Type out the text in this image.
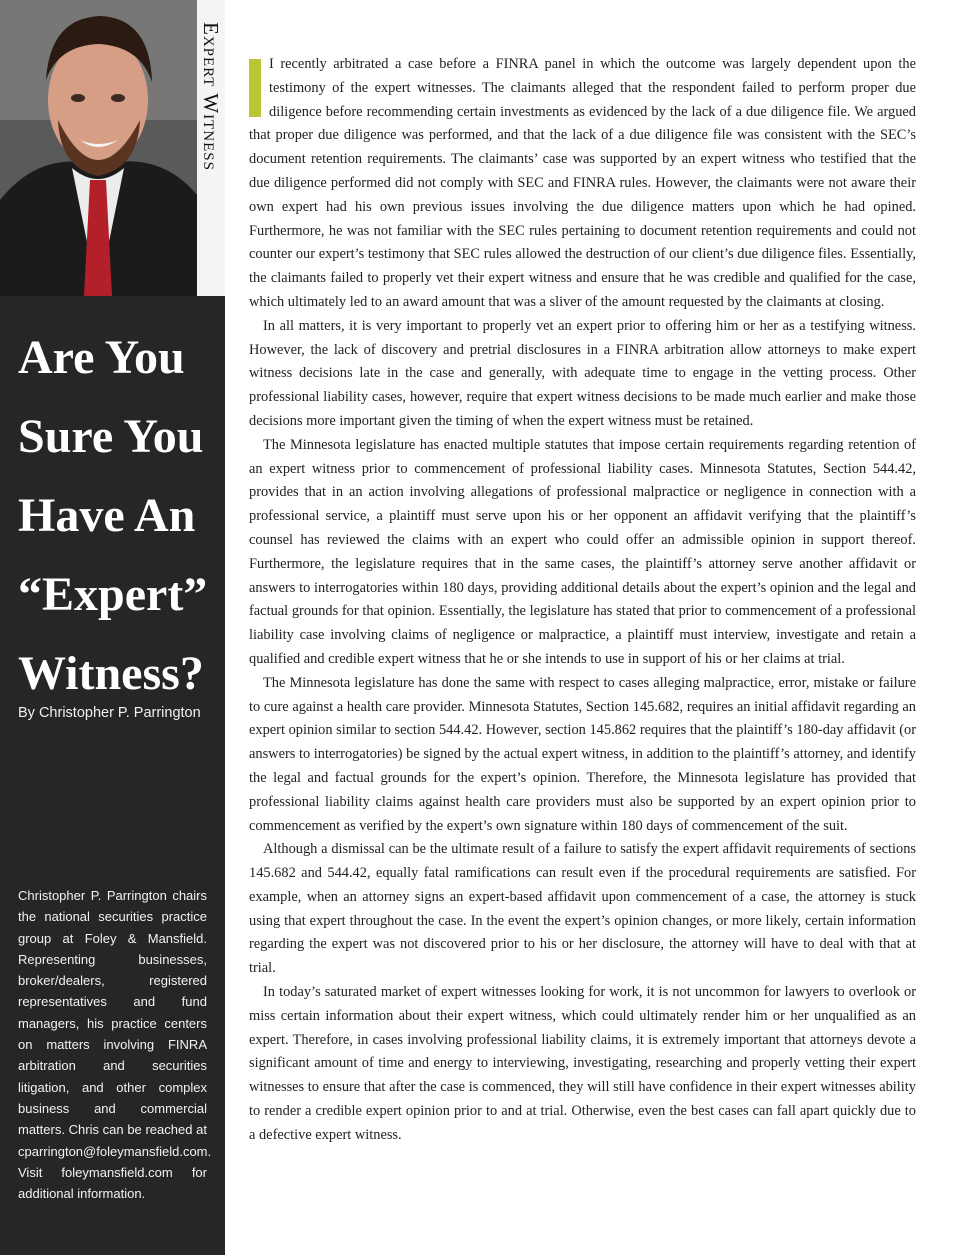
Expert Witness
Are You Sure You Have An “Expert” Witness?
By Christopher P. Parrington

Christopher P. Parrington chairs the national securities practice group at Foley & Mansfield. Representing businesses, broker/dealers, registered representatives and fund managers, his practice centers on matters involving FINRA arbitration and securities litigation, and other complex business and commercial matters. Chris can be reached at cparrington@foleymansfield.com. Visit foleymansfield.com for additional information.

I recently arbitrated a case before a FINRA panel in which the outcome was largely dependent upon the testimony of the expert witnesses. The claimants alleged that the respondent failed to perform proper due diligence before recommending certain investments as evidenced by the lack of a due diligence file. We argued that proper due diligence was performed, and that the lack of a due diligence file was consistent with the SEC’s document retention requirements. The claimants’ case was supported by an expert witness who testified that the due diligence performed did not comply with SEC and FINRA rules. However, the claimants were not aware their own expert had his own previous issues involving the due diligence matters upon which he had opined. Furthermore, he was not familiar with the SEC rules pertaining to document retention requirements and could not counter our expert’s testimony that SEC rules allowed the destruction of our client’s due diligence files. Essentially, the claimants failed to properly vet their expert witness and ensure that he was credible and qualified for the case, which ultimately led to an award amount that was a sliver of the amount requested by the claimants at closing.

In all matters, it is very important to properly vet an expert prior to offering him or her as a testifying witness. However, the lack of discovery and pretrial disclosures in a FINRA arbitration allow attorneys to make expert witness decisions late in the case and generally, with adequate time to engage in the vetting process. Other professional liability cases, however, require that expert witness decisions to be made much earlier and make those decisions more important given the timing of when the expert witness must be retained.

The Minnesota legislature has enacted multiple statutes that impose certain requirements regarding retention of an expert witness prior to commencement of professional liability cases. Minnesota Statutes, Section 544.42, provides that in an action involving allegations of professional malpractice or negligence in connection with a professional service, a plaintiff must serve upon his or her opponent an affidavit verifying that the plaintiff’s counsel has reviewed the claims with an expert who could offer an admissible opinion in support thereof. Furthermore, the legislature requires that in the same cases, the plaintiff’s attorney serve another affidavit or answers to interrogatories within 180 days, providing additional details about the expert’s opinion and the legal and factual grounds for that opinion. Essentially, the legislature has stated that prior to commencement of a professional liability case involving claims of negligence or malpractice, a plaintiff must interview, investigate and retain a qualified and credible expert witness that he or she intends to use in support of his or her claims at trial.

The Minnesota legislature has done the same with respect to cases alleging malpractice, error, mistake or failure to cure against a health care provider. Minnesota Statutes, Section 145.682, requires an initial affidavit regarding an expert opinion similar to section 544.42. However, section 145.862 requires that the plaintiff’s 180-day affidavit (or answers to interrogatories) be signed by the actual expert witness, in addition to the plaintiff’s attorney, and identify the legal and factual grounds for the expert’s opinion. Therefore, the Minnesota legislature has provided that professional liability claims against health care providers must also be supported by an expert opinion prior to commencement as verified by the expert’s own signature within 180 days of commencement of the suit.

Although a dismissal can be the ultimate result of a failure to satisfy the expert affidavit requirements of sections 145.682 and 544.42, equally fatal ramifications can result even if the procedural requirements are satisfied. For example, when an attorney signs an expert-based affidavit upon commencement of a case, the attorney is stuck using that expert throughout the case. In the event the expert’s opinion changes, or more likely, certain information regarding the expert was not discovered prior to his or her disclosure, the attorney will have to deal with that at trial.

In today’s saturated market of expert witnesses looking for work, it is not uncommon for lawyers to overlook or miss certain information about their expert witness, which could ultimately render him or her unqualified as an expert. Therefore, in cases involving professional liability claims, it is extremely important that attorneys devote a significant amount of time and energy to interviewing, investigating, researching and properly vetting their expert witnesses to ensure that after the case is commenced, they will still have confidence in their expert witnesses ability to render a credible expert opinion prior to and at trial. Otherwise, even the best cases can fall apart quickly due to a defective expert witness.
